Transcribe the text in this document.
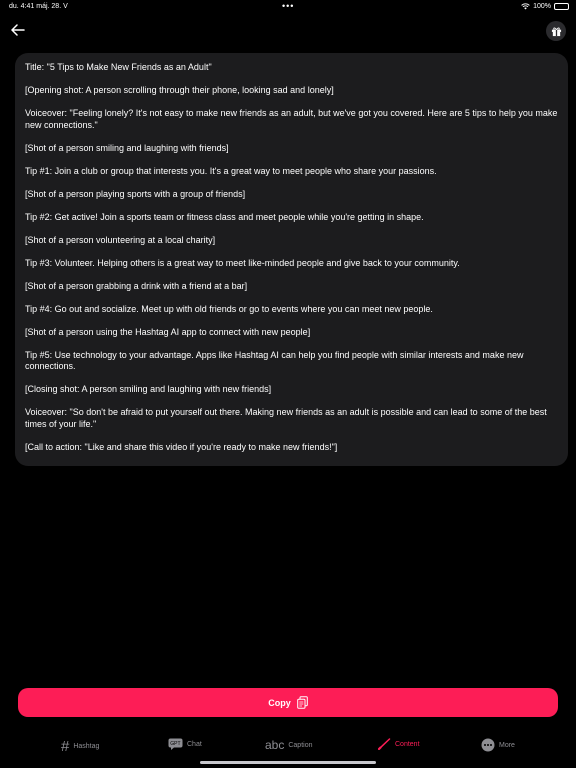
du. 4:41 máj. 28. V	•••	100%

Title: "5 Tips to Make New Friends as an Adult"

[Opening shot: A person scrolling through their phone, looking sad and lonely]

Voiceover: "Feeling lonely? It's not easy to make new friends as an adult, but we've got you covered. Here are 5 tips to help you make new connections."

[Shot of a person smiling and laughing with friends]

Tip #1: Join a club or group that interests you. It's a great way to meet people who share your passions.

[Shot of a person playing sports with a group of friends]

Tip #2: Get active! Join a sports team or fitness class and meet people while you're getting in shape.

[Shot of a person volunteering at a local charity]

Tip #3: Volunteer. Helping others is a great way to meet like-minded people and give back to your community.

[Shot of a person grabbing a drink with a friend at a bar]

Tip #4: Go out and socialize. Meet up with old friends or go to events where you can meet new people.

[Shot of a person using the Hashtag AI app to connect with new people]

Tip #5: Use technology to your advantage. Apps like Hashtag AI can help you find people with similar interests and make new connections.

[Closing shot: A person smiling and laughing with new friends]

Voiceover: "So don't be afraid to put yourself out there. Making new friends as an adult is possible and can lead to some of the best times of your life."

[Call to action: "Like and share this video if you're ready to make new friends!"]

Copy
# Hashtag	GPT Chat	abc Caption	Content	More
